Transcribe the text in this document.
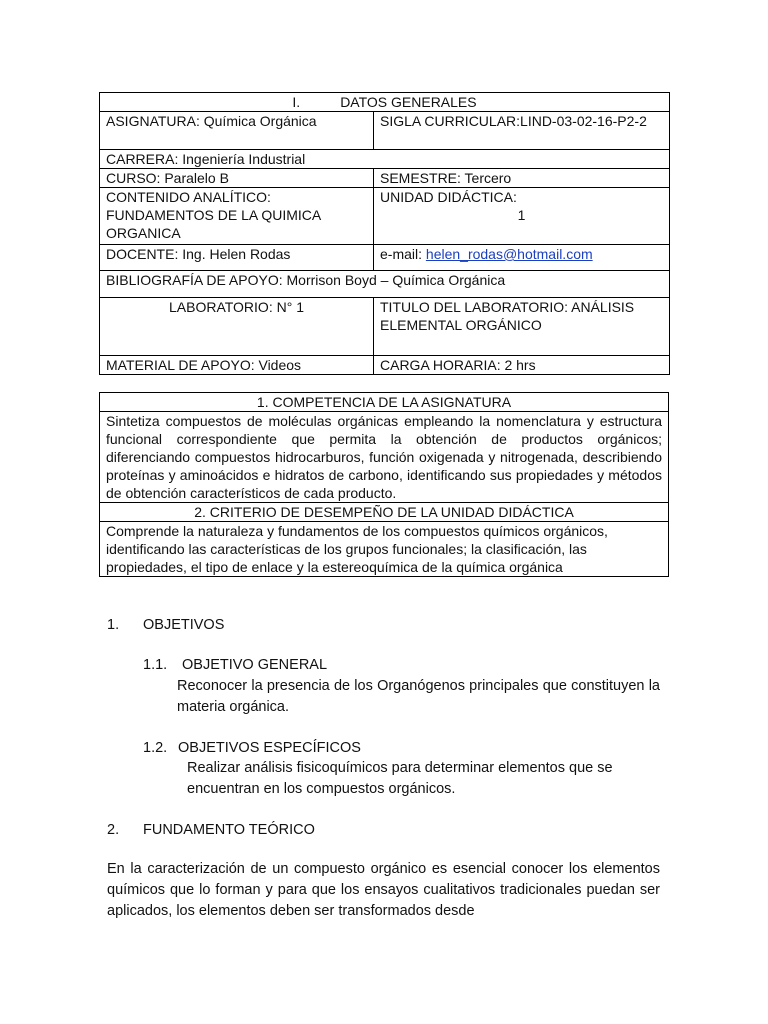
I. DATOS GENERALES	
ASIGNATURA: Química Orgánica	SIGLA CURRICULAR:LIND-03-02-16-P2-2
CARRERA: Ingeniería Industrial	
CURSO: Paralelo B	SEMESTRE: Tercero
CONTENIDO ANALÍTICO: FUNDAMENTOS DE LA QUIMICA ORGANICA	UNIDAD DIDÁCTICA:
1

DOCENTE: Ing. Helen Rodas	e-mail: helen_rodas@hotmail.com
BIBLIOGRAFÍA DE APOYO: Morrison Boyd – Química Orgánica	
LABORATORIO: N° 1	TITULO DEL LABORATORIO: ANÁLISIS ELEMENTAL ORGÁNICO
MATERIAL DE APOYO: Videos	CARGA HORARIA: 2 hrs
1. COMPETENCIA DE LA ASIGNATURA
Sintetiza compuestos de moléculas orgánicas empleando la nomenclatura y estructura funcional correspondiente que permita la obtención de productos orgánicos; diferenciando compuestos hidrocarburos, función oxigenada y nitrogenada, describiendo proteínas y aminoácidos e hidratos de carbono, identificando sus propiedades y métodos de obtención característicos de cada producto.
2. CRITERIO DE DESEMPEÑO DE LA UNIDAD DIDÁCTICA
Comprende la naturaleza y fundamentos de los compuestos químicos orgánicos, identificando las características de los grupos funcionales; la clasificación, las propiedades, el tipo de enlace y la estereoquímica de la química orgánica
1. OBJETIVOS
1.1. OBJETIVO GENERAL
Reconocer la presencia de los Organógenos principales que constituyen la materia orgánica.
1.2. OBJETIVOS ESPECÍFICOS
Realizar análisis fisicoquímicos para determinar elementos que se encuentran en los compuestos orgánicos.
2. FUNDAMENTO TEÓRICO
En la caracterización de un compuesto orgánico es esencial conocer los elementos químicos que lo forman y para que los ensayos cualitativos tradicionales puedan ser aplicados, los elementos deben ser transformados desde
